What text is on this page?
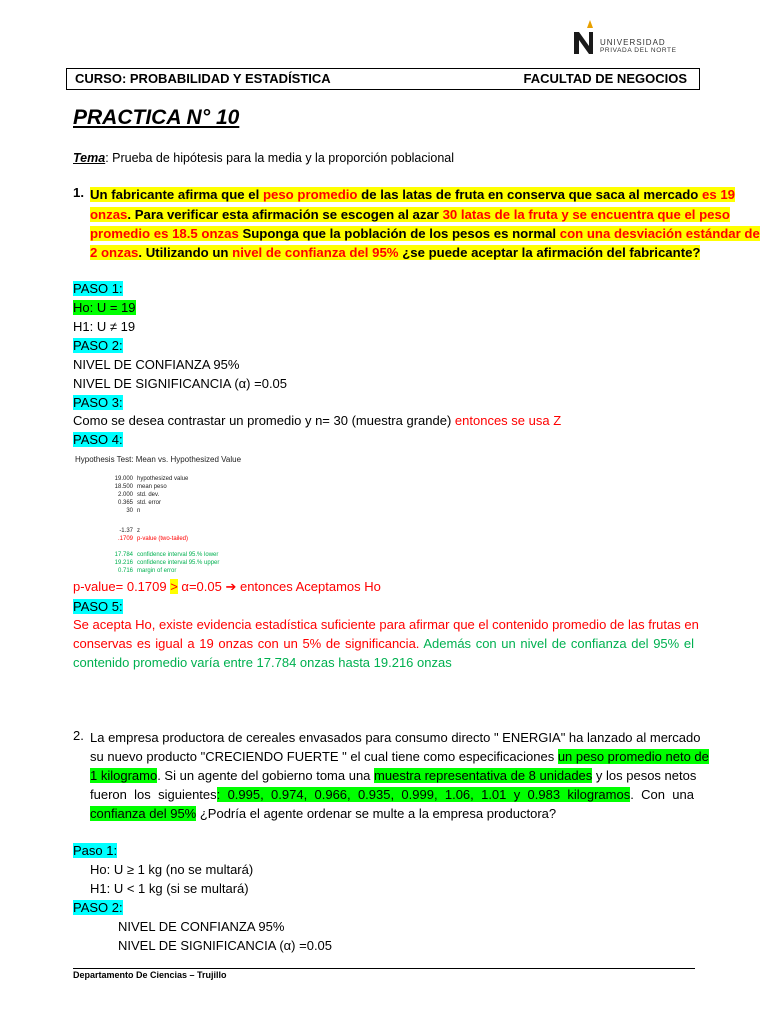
UNIVERSIDAD
PRIVADA DEL NORTE
CURSO: PROBABILIDAD Y ESTADÍSTICA	FACULTAD DE NEGOCIOS
PRACTICA N° 10
Tema: Prueba de hipótesis para la media y la proporción poblacional
1. Un fabricante afirma que el peso promedio de las latas de fruta en conserva que saca al mercado es 19
onzas. Para verificar esta afirmación se escogen al azar 30 latas de la fruta y se encuentra que el peso
promedio es 18.5 onzas Suponga que la población de los pesos es normal con una desviación estándar de
2 onzas. Utilizando un nivel de confianza del 95% ¿se puede aceptar la afirmación del fabricante?
PASO 1:
Ho: U = 19
H1: U ≠ 19
PASO 2:
NIVEL DE CONFIANZA 95%
NIVEL DE SIGNIFICANCIA (α) =0.05
PASO 3:
Como se desea contrastar un promedio y n= 30 (muestra grande) entonces se usa Z
PASO 4:
Hypothesis Test: Mean vs. Hypothesized Value
19.000 hypothesized value
18.500 mean peso
2.000 std. dev.
0.365 std. error
30 n
-1.37 z
.1709 p-value (two-tailed)
17.784 confidence interval 95.% lower
19.216 confidence interval 95.% upper
0.716 margin of error
p-value= 0.1709 > α=0.05 ➔ entonces Aceptamos Ho
PASO 5:
Se acepta Ho, existe evidencia estadística suficiente para afirmar que el contenido promedio de las frutas en
conservas es igual a 19 onzas con un 5% de significancia. Además con un nivel de confianza del 95% el
contenido promedio varía entre 17.784 onzas hasta 19.216 onzas
2. La empresa productora de cereales envasados para consumo directo " ENERGIA" ha lanzado al mercado
su nuevo producto "CRECIENDO FUERTE " el cual tiene como especificaciones un peso promedio neto de
1 kilogramo. Si un agente del gobierno toma una muestra representativa de 8 unidades y los pesos netos
fueron los siguientes: 0.995, 0.974, 0.966, 0.935, 0.999, 1.06, 1.01 y 0.983 kilogramos. Con una
confianza del 95% ¿Podría el agente ordenar se multe a la empresa productora?
Paso 1:
Ho: U ≥ 1 kg (no se multará)
H1: U < 1 kg (si se multará)
PASO 2:
NIVEL DE CONFIANZA 95%
NIVEL DE SIGNIFICANCIA (α) =0.05
Departamento De Ciencias – Trujillo
